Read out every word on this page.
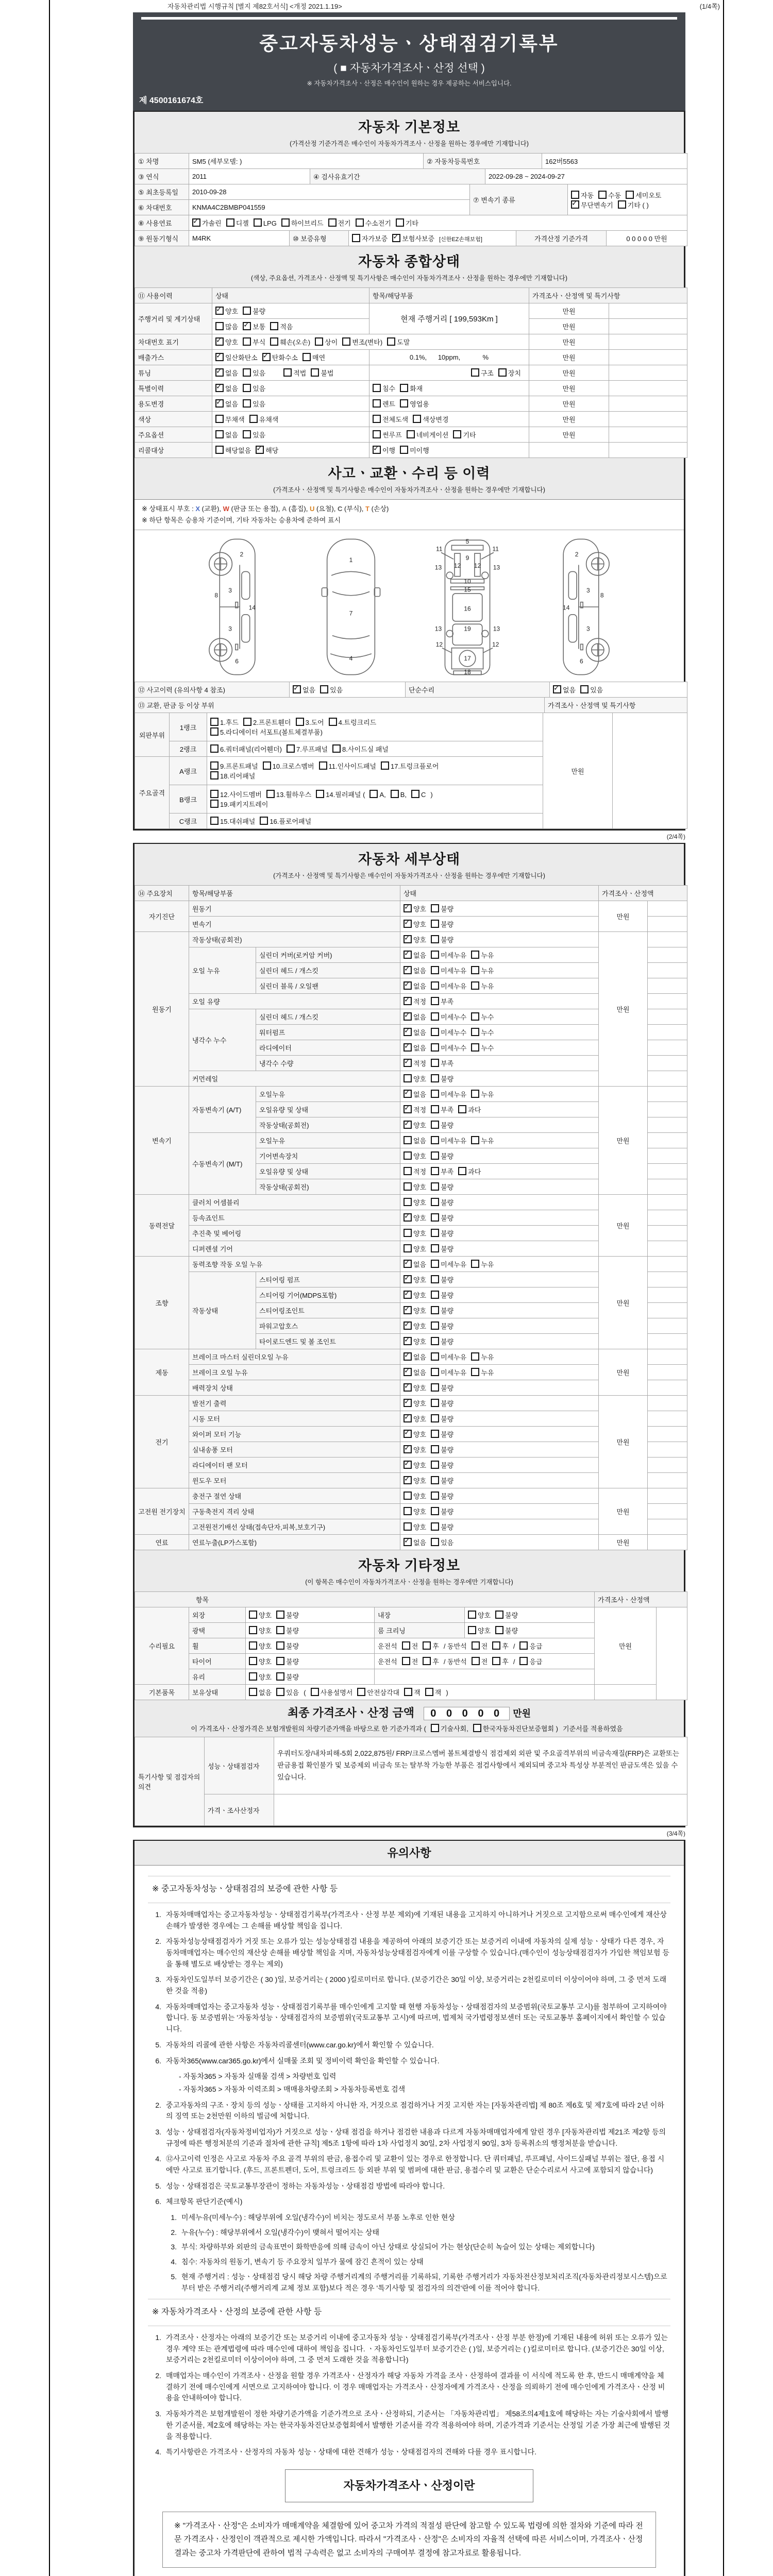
자동차관리법 시행규칙 [별지 제82호서식] <개정 2021.1.19>	(1/4쪽)
중고자동차성능ㆍ상태점검기록부
( ■ 자동차가격조사ㆍ산정 선택 )
※ 자동차가격조사ㆍ산정은 매수인이 원하는 경우 제공하는 서비스입니다.
제 4500161674호
자동차 기본정보
(가격산정 기준가격은 매수인이 자동차가격조사ㆍ산정을 원하는 경우에만 기재합니다)
① 차명	SM5 (세부모델: )	② 자동차등록번호	162버5563
③ 연식	2011	④ 검사유효기간	2022-09-28 ~ 2024-09-27
⑤ 최초등록일	2010-09-28	⑦ 변속기 종류	자동 수동 세미오토
✓무단변속기 기타 ( )

⑥ 차대번호	KNMA4C2BMBP041559		
⑧ 사용연료	✓가솔린 디젤 LPG 하이브리드 전기 수소전기 기타
⑨ 원동기형식	M4RK	⑩ 보증유형	자가보증 ✓ 보험사보증 [신한EZ손해보험]	가격산정 기준가격	0 0 0 0 0 만원
자동차 종합상태
(색상, 주요옵션, 가격조사ㆍ산정액 및 특기사항은 매수인이 자동차가격조사ㆍ산정을 원하는 경우에만 기재합니다)
⑪ 사용이력	상태	항목/해당부품	가격조사ㆍ산정액 및 특기사항	
주행거리 및 계기상태	✓양호 불량	현재 주행거리 [ 199,593Km ]	만원	
	많음 ✓ 보통 적음		만원	
차대번호 표기	✓양호 부식 훼손(오손) 상이 변조(변타) 도말		만원	
배출가스	✓일산화탄소 ✓ 탄화수소 매연	0.1%,      10ppm,            %	만원	
튜닝	✓없음 있음 적법 불법	구조 장치	만원	
특별이력	✓없음 있음	침수 화재	만원	
용도변경	✓없음 있음	렌트 영업용	만원	
색상	무채색 유채색	전체도색 색상변경	만원	
주요옵션	없음 있음	썬루프 네비게이션 기타	만원	
리콜대상	해당없음 ✓ 해당	✓이행 미이행		
사고ㆍ교환ㆍ수리 등 이력
(가격조사ㆍ산정액 및 특기사항은 매수인이 자동차가격조사ㆍ산정을 원하는 경우에만 기재합니다)
※ 상태표시 부호 : X (교환), W (판금 또는 용접), A (흠집), U (요철), C (부식), T (손상)
※ 하단 항목은 승용차 기준이며, 기타 자동차는 승용차에 준하여 표시
2
8
3
14
3
6
1
7
4
5
11	11
9
12 12
13	13
10
15
16
19
13	13
12	12
17
18
2
8
3
14
3
6
⑫ 사고이력 (유의사항 4 참조)	✓없음 있음	단순수리	✓없음 있음
⑬ 교환, 판금 등 이상 부위	가격조사ㆍ산정액 및 특기사항
외판부위	1랭크	1.후드 2.프론트휀더 3.도어 4.트렁크리드
5.라디에이터 서포트(볼트체결부품)	만원	
	2랭크	6.쿼터패널(리어휀더) 7.루프패널 8.사이드실 패널		
주요골격	A랭크	9.프론트패널 10.크로스멤버 11.인사이드패널 17.트렁크플로어
18.리어패널		
	B랭크	12.사이드멤버 13.휠하우스 14.필러패널 ( A, B, C )
19.패키지트레이		
	C랭크	15.대쉬패널 16.플로어패널		
(2/4쪽)
자동차 세부상태
(가격조사ㆍ산정액 및 특기사항은 매수인이 자동차가격조사ㆍ산정을 원하는 경우에만 기재합니다)
⑭ 주요장치	항목/해당부품		상태	가격조사ㆍ산정액	
자기진단	원동기	✓양호 불량	만원	
	변속기	✓양호 불량	
원동기	작동상태(공회전)	✓양호 불량	만원	
	오일 누유	실린더 커버(로커암 커버)	✓없음 미세누유 누유	
		실린더 헤드 / 개스킷	✓없음 미세누유 누유	
		실린더 블록 / 오일팬	✓없음 미세누유 누유	
	오일 유량	✓적정 부족	
	냉각수 누수	실린더 헤드 / 개스킷	✓없음 미세누수 누수	
		워터펌프	✓없음 미세누수 누수	
		라디에이터	✓없음 미세누수 누수	
		냉각수 수량	✓적정 부족	
	커먼레일		양호 불량		
변속기	자동변속기 (A/T)	오일누유	✓없음 미세누유 누유	만원	
		오일유량 및 상태	✓적정 부족 과다	
		작동상태(공회전)	✓양호 불량	
	수동변속기 (M/T)	오일누유	없음 미세누유 누유		
		기어변속장치	양호 불량		
		오일유량 및 상태	적정 부족 과다		
		작동상태(공회전)	양호 불량		
동력전달	클러치 어셈블리		양호 불량	만원	
	등속죠인트	✓양호 불량	
	추진축 및 베어링		양호 불량		
	디퍼렌셜 기어		양호 불량		
조향	동력조향 작동 오일 누유	✓없음 미세누유 누유	만원	
	작동상태	스티어링 펌프	✓양호 불량	
		스티어링 기어(MDPS포함)	✓양호 불량	
		스티어링조인트	✓양호 불량	
		파워고압호스	✓양호 불량	
		타이로드엔드 및 볼 조인트	✓양호 불량	
제동	브레이크 마스터 실린더오일 누유	✓없음 미세누유 누유	만원	
	브레이크 오일 누유	✓없음 미세누유 누유	
	배력장치 상태	✓양호 불량	
전기	발전기 출력	✓양호 불량	만원	
	시동 모터	✓양호 불량	
	와이퍼 모터 기능	✓양호 불량	
	실내송풍 모터	✓양호 불량	
	라디에이터 팬 모터	✓양호 불량	
	윈도우 모터	✓양호 불량	
고전원 전기장치	충전구 절연 상태		양호 불량	만원	
	구동축전지 격리 상태		양호 불량		
	고전원전기배선 상태(접속단자,피복,보호기구)		양호 불량		
연료	연료누출(LP가스포함)	✓없음 있음	만원	
자동차 기타정보
(이 항목은 매수인이 자동차가격조사ㆍ산정을 원하는 경우에만 기재합니다)
항목					가격조사ㆍ산정액	
수리필요	외장	양호 불량	내장	양호 불량	만원	
	광택	양호 불량	룸 크리닝	양호 불량		
	휠	양호 불량	운전석 전 후 / 동반석 전 후 / 응급			
	타이어	양호 불량	운전석 전 후 / 동반석 전 후 / 응급			
	유리	양호 불량				
기본품목	보유상태	없음 있음 ( 사용설명서 안전삼각대 잭 잭 )				
최종 가격조사ㆍ산정 금액 0 0 0 0 0 만원
이 가격조사ㆍ산정가격은 보험개발원의 차량기준가액을 바탕으로 한 기준가격과 ( 기술사회, 한국자동차진단보증협회 ) 기준서를 적용하였음
특기사항 및 점검자의 의견	성능ㆍ상태점검자	우쿼터도장/내차피해-5회 2,022,875원/ FRP/크로스멤버 볼트체결방식 점검제외 외판 및 주요골격부위의 비금속재질(FRP)은 교환또는 판금용접 확인불가 및 보증제외 비금속 또는 탈부착 가능한 부품은 점검사항에서 제외되며 중고차 특성상 부분적인 판금도색은 있을 수 있습니다.
	가격ㆍ조사산정자	
(3/4쪽)
유의사항
※ 중고자동차성능ㆍ상태점검의 보증에 관한 사항 등
1. 자동차매매업자는 중고자동차성능ㆍ상태점검기록부(가격조사ㆍ산정 부분 제외)에 기재된 내용을 고지하지 아니하거나 거짓으로 고지함으로써 매수인에게 재산상 손해가 발생한 경우에는 그 손해를 배상할 책임을 집니다.
2. 자동차성능상태점검자가 거짓 또는 오류가 있는 성능상태점검 내용을 제공하여 아래의 보증기간 또는 보증거리 이내에 자동차의 실제 성능ㆍ상태가 다른 경우, 자동차매매업자는 매수인의 재산상 손해를 배상할 책임을 지며, 자동차성능상태점검자에게 이를 구상할 수 있습니다.(매수인이 성능상태점검자가 가입한 책임보험 등을 통해 별도로 배상받는 경우는 제외)
3. 자동차인도일부터 보증기간은 ( 30 )일, 보증거리는 ( 2000 )킬로미터로 합니다. (보증기간은 30일 이상, 보증거리는 2천킬로미터 이상이어야 하며, 그 중 먼저 도래한 것을 적용)
4. 자동차매매업자는 중고자동차 성능ㆍ상태점검기록부를 매수인에게 고지할 때 현행 자동차성능ㆍ상태점검자의 보증범위(국토교통부 고시)를 첨부하여 고지하여야 합니다. 동 보증범위는 '자동차성능ㆍ상태점검자의 보증범위'(국토교통부 고시)에 따르며, 법제처 국가법령정보센터 또는 국토교통부 홈페이지에서 확인할 수 있습니다.
5. 자동차의 리콜에 관한 사항은 자동차리콜센터(www.car.go.kr)에서 확인할 수 있습니다.
6. 자동차365(www.car365.go.kr)에서 실매물 조회 및 정비이력 확인을 확인할 수 있습니다.
- 자동차365 > 자동차 실매물 검색 > 차량번호 입력
- 자동차365 > 자동차 이력조회 > 매매용차량조회 > 자동차등록번호 검색
2. 중고자동차의 구조ㆍ장치 등의 성능ㆍ상태를 고지하지 아니한 자, 거짓으로 점검하거나 거짓 고지한 자는 [자동차관리법] 제 80조 제6호 및 제7호에 따라 2년 이하의 징역 또는 2천만원 이하의 벌금에 처합니다.
3. 성능ㆍ상태점검자(자동차정비업자)가 거짓으로 성능ㆍ상태 점검을 하거나 점검한 내용과 다르게 자동차매매업자에게 알린 경우 [자동차관리법 제21조 제2항 등의 규정에 따른 행정처분의 기준과 절차에 관한 규칙] 제5조 1항에 따라 1차 사업정지 30일, 2차 사업정지 90일, 3차 등록취소의 행정처분을 받습니다.
4. ⑫사고이력 인정은 사고로 자동차 주요 골격 부위의 판금, 용접수리 및 교환이 있는 경우로 한정합니다. 단 쿼터패널, 루프패널, 사이드실패널 부위는 절단, 용접 시에만 사고로 표기합니다. (후드, 프론트펜더, 도어, 트렁크리드 등 외판 부위 및 범퍼에 대한 판금, 용접수리 및 교환은 단순수리로서 사고에 포함되지 않습니다)
5. 성능ㆍ상태점검은 국토교통부장관이 정하는 자동차성능ㆍ상태점검 방법에 따라야 합니다.
6. 체크항목 판단기준(예시)
1. 미세누유(미세누수) : 해당부위에 오일(냉각수)이 비치는 정도로서 부품 노후로 인한 현상
2. 누유(누수) : 해당부위에서 오일(냉각수)이 맺혀서 떨어지는 상태
3. 부식: 차량하부와 외판의 금속표면이 화학반응에 의해 금속이 아닌 상태로 상실되어 가는 현상(단순히 녹슬어 있는 상태는 제외합니다)
4. 침수: 자동차의 원동기, 변속기 등 주요장치 일부가 물에 잠긴 흔적이 있는 상태
5. 현재 주행거리 : 성능ㆍ상태점검 당시 해당 차량 주행거리계의 주행거리를 기록하되, 기록한 주행거리가 자동차전산정보처리조직(자동차관리정보시스템)으로부터 받은 주행거리(주행거리계 교체 정보 포함)보다 적은 경우 '특기사항 및 점검자의 의견'란에 이를 적어야 합니다.
※ 자동차가격조사ㆍ산정의 보증에 관한 사항 등
1. 가격조사ㆍ산정자는 아래의 보증기간 또는 보증거리 이내에 중고자동차 성능ㆍ상태점검기록부(가격조사ㆍ산정 부분 한정)에 기재된 내용에 허위 또는 오류가 있는 경우 계약 또는 관계법령에 따라 매수인에 대하여 책임을 집니다. ㆍ자동차인도일부터 보증기간은 ( )일, 보증거리는 ( )킬로미터로 합니다. (보증기간은 30일 이상, 보증거리는 2천킬로미터 이상이어야 하며, 그 중 먼저 도래한 것을 적용합니다)
2. 매매업자는 매수인이 가격조사ㆍ산정을 원할 경우 가격조사ㆍ산정자가 해당 자동차 가격을 조사ㆍ산정하여 결과를 이 서식에 적도록 한 후, 반드시 매매계약을 체결하기 전에 매수인에게 서면으로 고지하여야 합니다. 이 경우 매매업자는 가격조사ㆍ산정자에게 가격조사ㆍ산정을 의뢰하기 전에 매수인에게 가격조사ㆍ산정 비용을 안내하여야 합니다.
3. 자동차가격은 보험개발원이 정한 차량기준가액을 기준가격으로 조사ㆍ산정하되, 기준서는 「자동차관리법」 제58조의4제1호에 해당하는 자는 기술사회에서 발행한 기준서를, 제2호에 해당하는 자는 한국자동차진단보증협회에서 발행한 기준서를 각각 적용하여야 하며, 기준가격과 기준서는 산정일 기준 가장 최근에 발행된 것을 적용합니다.
4. 특기사항란은 가격조사ㆍ산정자의 자동차 성능ㆍ상태에 대한 견해가 성능ㆍ상태점검자의 견해와 다를 경우 표시합니다.
자동차가격조사ㆍ산정이란
※ "가격조사ㆍ산정"은 소비자가 매매계약을 체결함에 있어 중고차 가격의 적절성 판단에 참고할 수 있도록 법령에 의한 절차와 기준에 따라 전문 가격조사ㆍ산정인이 객관적으로 제시한 가액입니다. 따라서 "가격조사ㆍ산정"은 소비자의 자율적 선택에 따른 서비스이며, 가격조사ㆍ산정 결과는 중고차 가격판단에 관하여 법적 구속력은 없고 소비자의 구매여부 결정에 참고자료로 활용됩니다.
